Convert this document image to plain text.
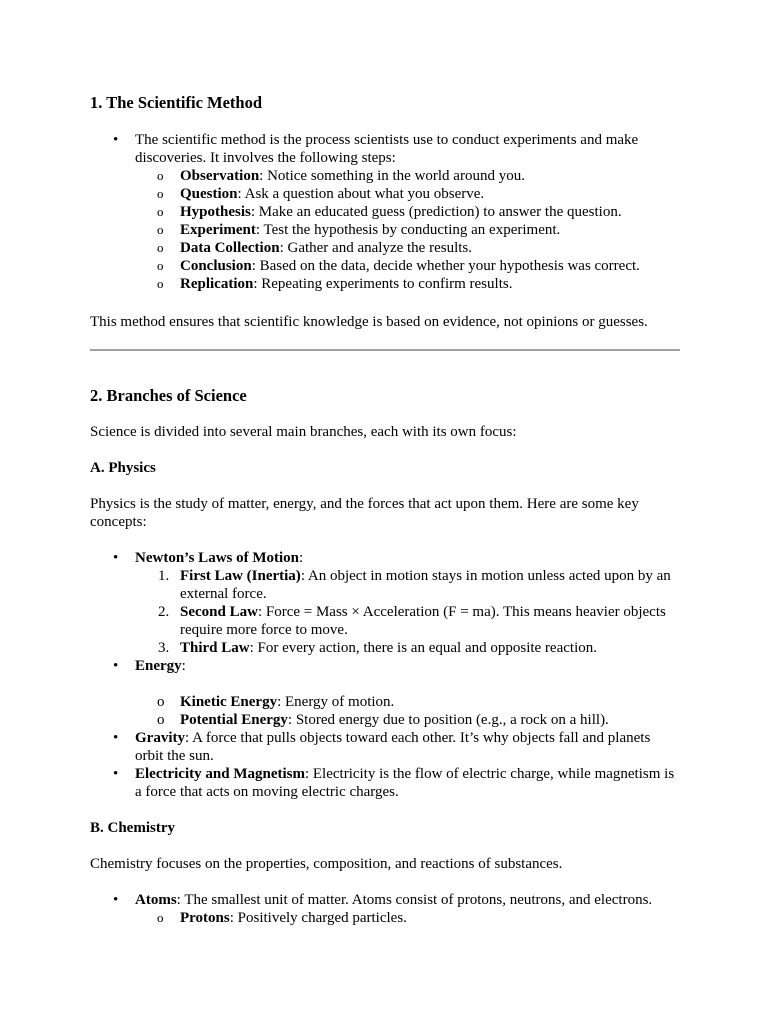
1. The Scientific Method
• The scientific method is the process scientists use to conduct experiments and make discoveries. It involves the following steps:
o Observation: Notice something in the world around you.
o Question: Ask a question about what you observe.
o Hypothesis: Make an educated guess (prediction) to answer the question.
o Experiment: Test the hypothesis by conducting an experiment.
o Data Collection: Gather and analyze the results.
o Conclusion: Based on the data, decide whether your hypothesis was correct.
o Replication: Repeating experiments to confirm results.

This method ensures that scientific knowledge is based on evidence, not opinions or guesses.

2. Branches of Science

Science is divided into several main branches, each with its own focus:

A. Physics

Physics is the study of matter, energy, and the forces that act upon them. Here are some key concepts:

• Newton’s Laws of Motion:
1. First Law (Inertia): An object in motion stays in motion unless acted upon by an external force.
2. Second Law: Force = Mass × Acceleration (F = ma). This means heavier objects require more force to move.
3. Third Law: For every action, there is an equal and opposite reaction.
• Energy:
o Kinetic Energy: Energy of motion.
o Potential Energy: Stored energy due to position (e.g., a rock on a hill).
• Gravity: A force that pulls objects toward each other. It’s why objects fall and planets orbit the sun.
• Electricity and Magnetism: Electricity is the flow of electric charge, while magnetism is a force that acts on moving electric charges.
B. Chemistry

Chemistry focuses on the properties, composition, and reactions of substances.

• Atoms: The smallest unit of matter. Atoms consist of protons, neutrons, and electrons.
o Protons: Positively charged particles.
